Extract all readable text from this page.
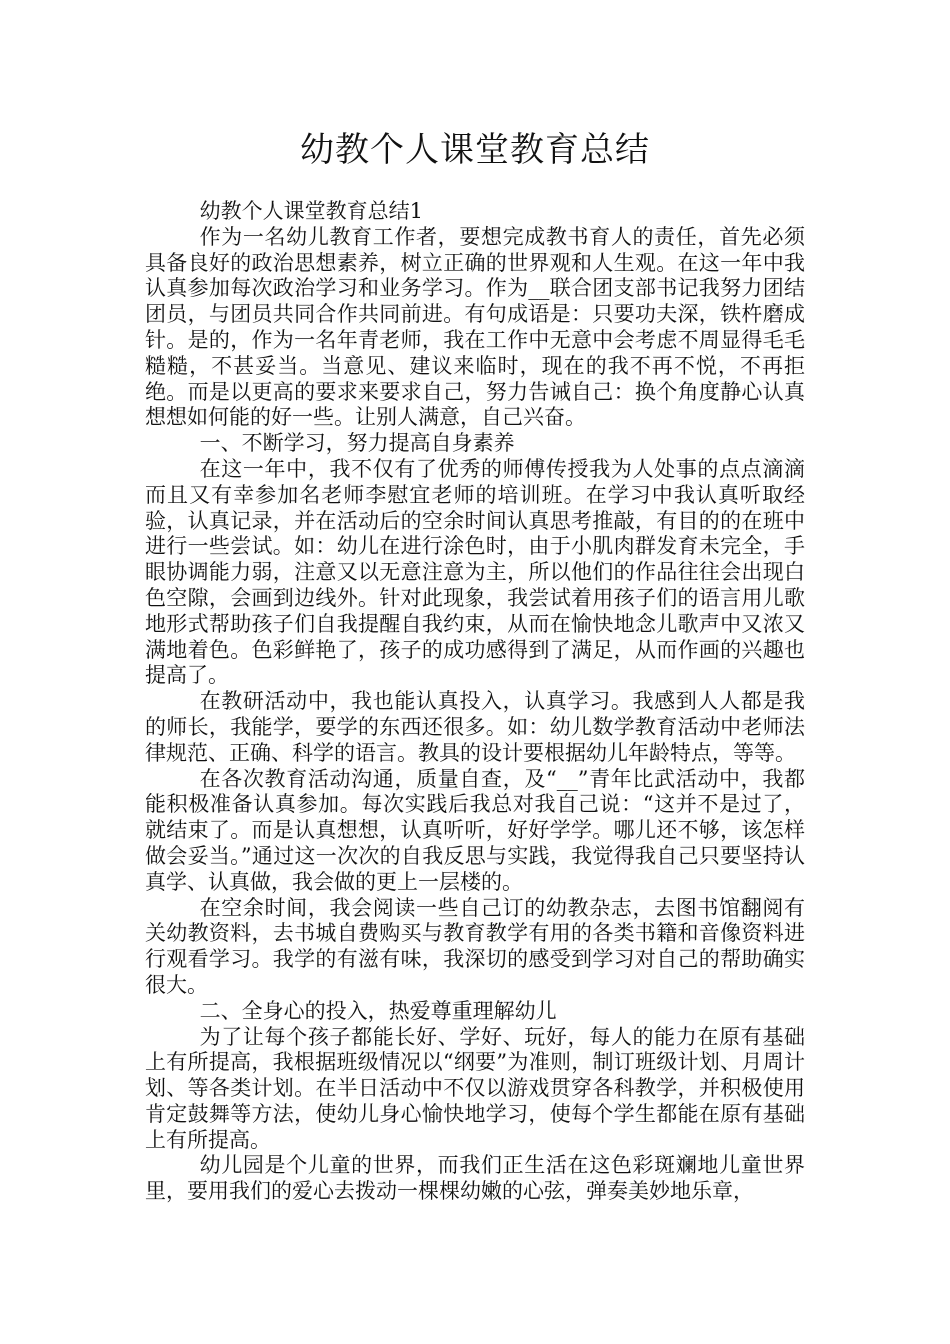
幼教个人课堂教育总结

幼教个人课堂教育总结1

作为一名幼儿教育工作者，要想完成教书育人的责任，首先必须具备良好的政治思想素养，树立正确的世界观和人生观。在这一年中我认真参加每次政治学习和业务学习。作为__联合团支部书记我努力团结团员，与团员共同合作共同前进。有句成语是：只要功夫深，铁杵磨成针。是的，作为一名年青老师，我在工作中无意中会考虑不周显得毛毛糙糙，不甚妥当。当意见、建议来临时，现在的我不再不悦，不再拒绝。而是以更高的要求来要求自己，努力告诫自己：换个角度静心认真想想如何能的好一些。让别人满意，自己兴奋。

一、不断学习，努力提高自身素养

在这一年中，我不仅有了优秀的师傅传授我为人处事的点点滴滴而且又有幸参加名老师李慰宜老师的培训班。在学习中我认真听取经验，认真记录，并在活动后的空余时间认真思考推敲，有目的的在班中进行一些尝试。如：幼儿在进行涂色时，由于小肌肉群发育未完全，手眼协调能力弱，注意又以无意注意为主，所以他们的作品往往会出现白色空隙，会画到边线外。针对此现象，我尝试着用孩子们的语言用儿歌地形式帮助孩子们自我提醒自我约束，从而在愉快地念儿歌声中又浓又满地着色。色彩鲜艳了，孩子的成功感得到了满足，从而作画的兴趣也提高了。

在教研活动中，我也能认真投入，认真学习。我感到人人都是我的师长，我能学，要学的东西还很多。如：幼儿数学教育活动中老师法律规范、正确、科学的语言。教具的设计要根据幼儿年龄特点，等等。

在各次教育活动沟通，质量自查，及“__”青年比武活动中，我都能积极准备认真参加。每次实践后我总对我自己说：“这并不是过了，就结束了。而是认真想想，认真听听，好好学学。哪儿还不够，该怎样做会妥当。”通过这一次次的自我反思与实践，我觉得我自己只要坚持认真学、认真做，我会做的更上一层楼的。

在空余时间，我会阅读一些自己订的幼教杂志，去图书馆翻阅有关幼教资料，去书城自费购买与教育教学有用的各类书籍和音像资料进行观看学习。我学的有滋有味，我深切的感受到学习对自己的帮助确实很大。

二、全身心的投入，热爱尊重理解幼儿

为了让每个孩子都能长好、学好、玩好，每人的能力在原有基础上有所提高，我根据班级情况以“纲要”为准则，制订班级计划、月周计划、等各类计划。在半日活动中不仅以游戏贯穿各科教学，并积极使用肯定鼓舞等方法，使幼儿身心愉快地学习，使每个学生都能在原有基础上有所提高。

幼儿园是个儿童的世界，而我们正生活在这色彩斑斓地儿童世界里，要用我们的爱心去拨动一棵棵幼嫩的心弦，弹奏美妙地乐章，
